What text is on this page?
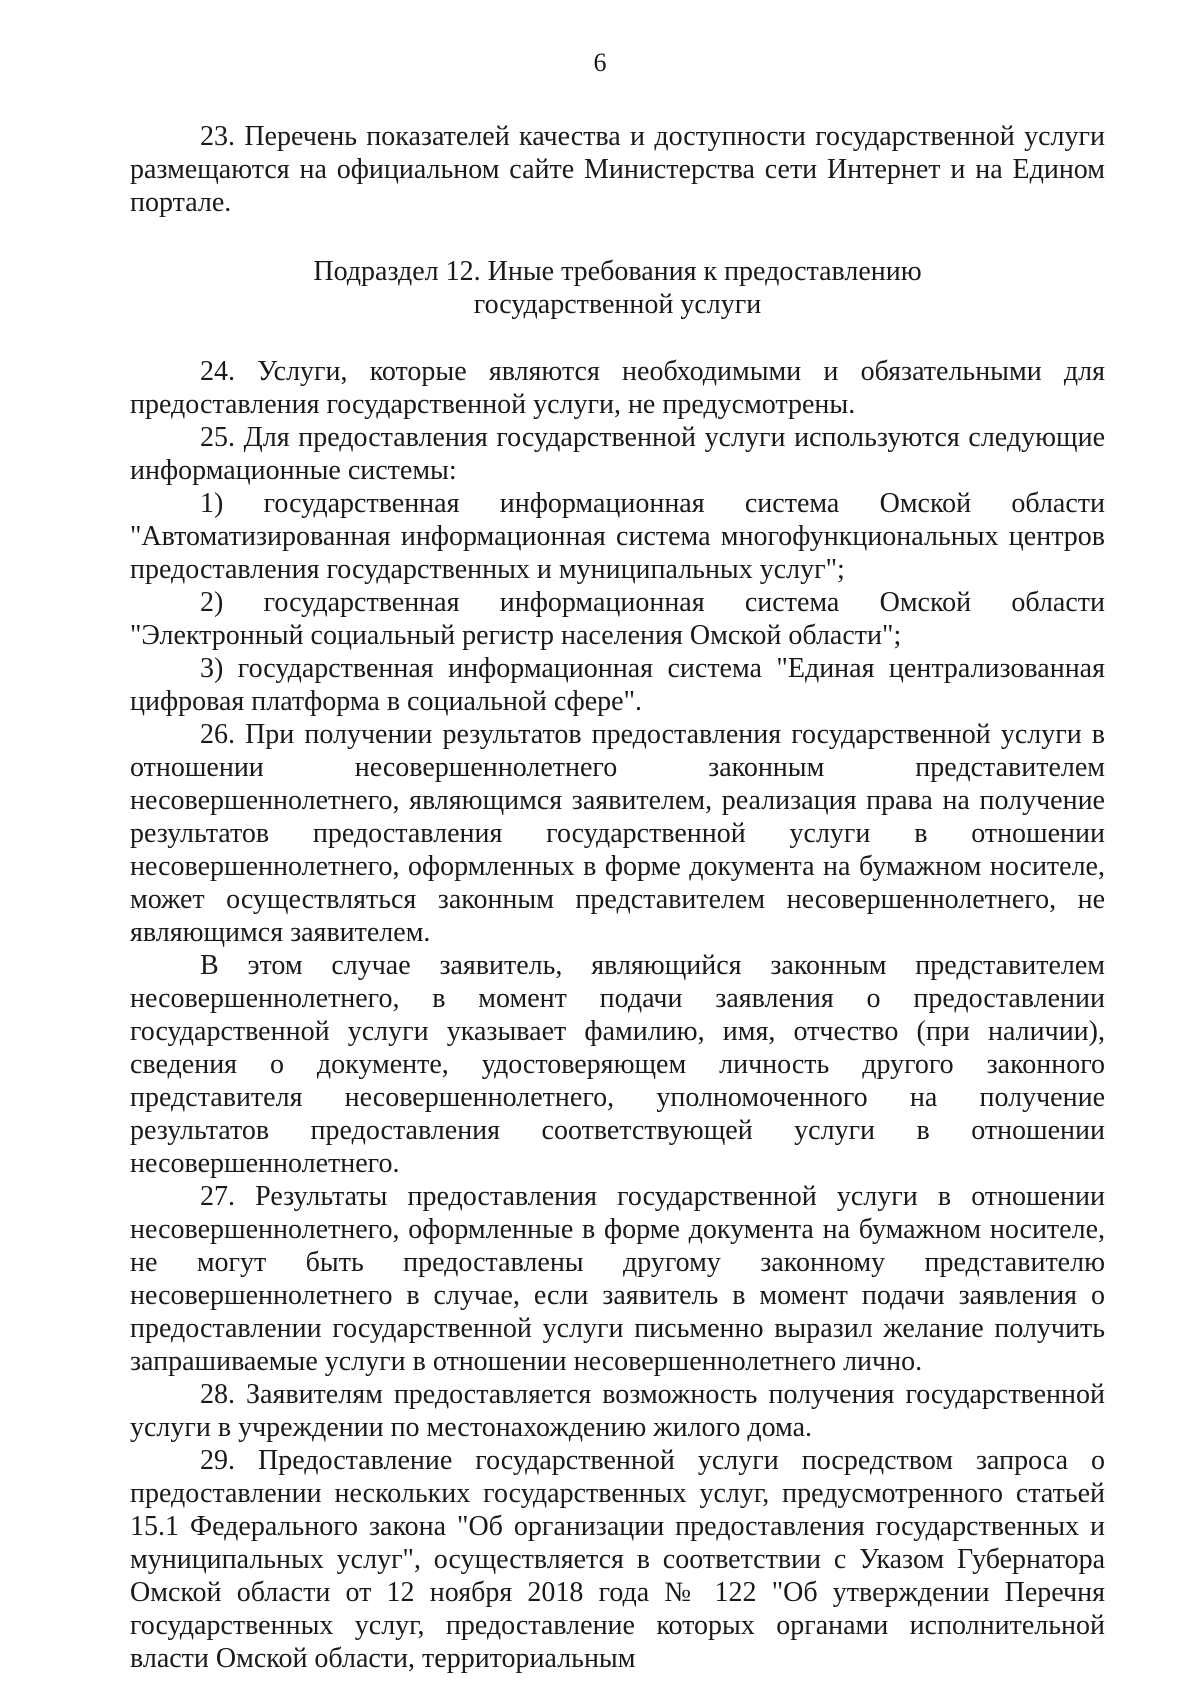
6

23. Перечень показателей качества и доступности государственной услуги размещаются на официальном сайте Министерства сети Интернет и на Едином портале.

Подраздел 12. Иные требования к предоставлению
государственной услуги

24. Услуги, которые являются необходимыми и обязательными для предоставления государственной услуги, не предусмотрены.

25. Для предоставления государственной услуги используются следующие информационные системы:

1) государственная информационная система Омской области "Автоматизированная информационная система многофункциональных центров предоставления государственных и муниципальных услуг";

2) государственная информационная система Омской области "Электронный социальный регистр населения Омской области";

3) государственная информационная система "Единая централизованная цифровая платформа в социальной сфере".

26. При получении результатов предоставления государственной услуги в отношении несовершеннолетнего законным представителем несовершеннолетнего, являющимся заявителем, реализация права на получение результатов предоставления государственной услуги в отношении несовершеннолетнего, оформленных в форме документа на бумажном носителе, может осуществляться законным представителем несовершеннолетнего, не являющимся заявителем.

В этом случае заявитель, являющийся законным представителем несовершеннолетнего, в момент подачи заявления о предоставлении государственной услуги указывает фамилию, имя, отчество (при наличии), сведения о документе, удостоверяющем личность другого законного представителя несовершеннолетнего, уполномоченного на получение результатов предоставления соответствующей услуги в отношении несовершеннолетнего.

27. Результаты предоставления государственной услуги в отношении несовершеннолетнего, оформленные в форме документа на бумажном носителе, не могут быть предоставлены другому законному представителю несовершеннолетнего в случае, если заявитель в момент подачи заявления о предоставлении государственной услуги письменно выразил желание получить запрашиваемые услуги в отношении несовершеннолетнего лично.

28. Заявителям предоставляется возможность получения государственной услуги в учреждении по местонахождению жилого дома.

29. Предоставление государственной услуги посредством запроса о предоставлении нескольких государственных услуг, предусмотренного статьей 15.1 Федерального закона "Об организации предоставления государственных и муниципальных услуг", осуществляется в соответствии с Указом Губернатора Омской области от 12 ноября 2018 года № 122 "Об утверждении Перечня государственных услуг, предоставление которых органами исполнительной власти Омской области, территориальным
